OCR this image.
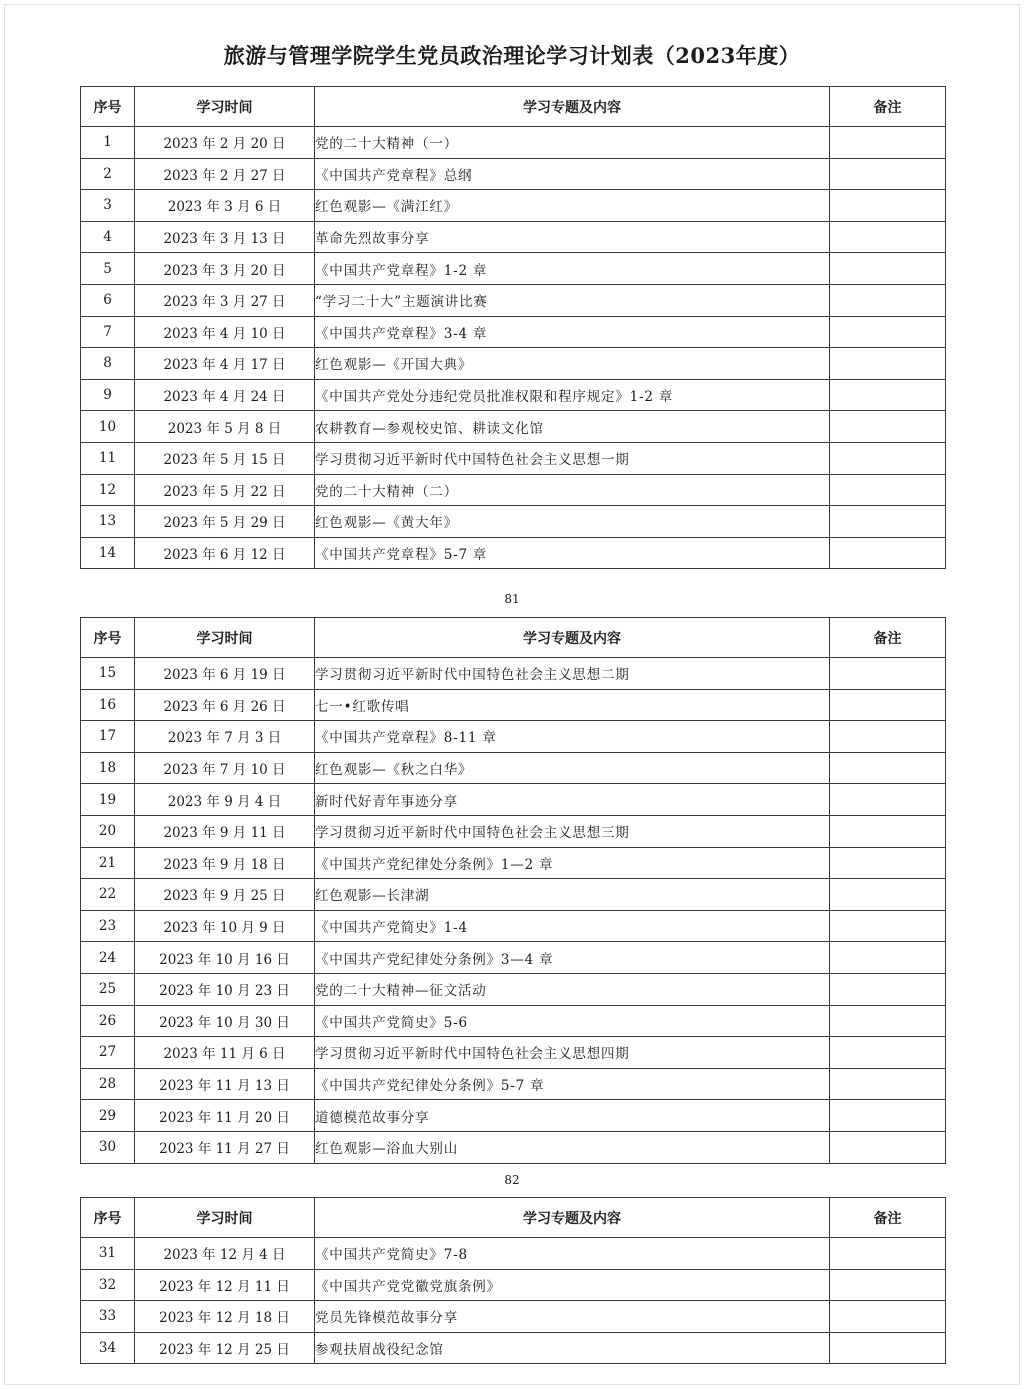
旅游与管理学院学生党员政治理论学习计划表（2023年度）
序号	学习时间	学习专题及内容	备注
1	2023 年 2 月 20 日	党的二十大精神（一）	
2	2023 年 2 月 27 日	《中国共产党章程》总纲	
3	2023 年 3 月 6 日	红色观影—《满江红》	
4	2023 年 3 月 13 日	革命先烈故事分享	
5	2023 年 3 月 20 日	《中国共产党章程》1-2 章	
6	2023 年 3 月 27 日	“学习二十大”主题演讲比赛	
7	2023 年 4 月 10 日	《中国共产党章程》3-4 章	
8	2023 年 4 月 17 日	红色观影—《开国大典》	
9	2023 年 4 月 24 日	《中国共产党处分违纪党员批准权限和程序规定》1-2 章	
10	2023 年 5 月 8 日	农耕教育—参观校史馆、耕读文化馆	
11	2023 年 5 月 15 日	学习贯彻习近平新时代中国特色社会主义思想一期	
12	2023 年 5 月 22 日	党的二十大精神（二）	
13	2023 年 5 月 29 日	红色观影—《黄大年》	
14	2023 年 6 月 12 日	《中国共产党章程》5-7 章	
81
序号	学习时间	学习专题及内容	备注
15	2023 年 6 月 19 日	学习贯彻习近平新时代中国特色社会主义思想二期	
16	2023 年 6 月 26 日	七一•红歌传唱	
17	2023 年 7 月 3 日	《中国共产党章程》8-11 章	
18	2023 年 7 月 10 日	红色观影—《秋之白华》	
19	2023 年 9 月 4 日	新时代好青年事迹分享	
20	2023 年 9 月 11 日	学习贯彻习近平新时代中国特色社会主义思想三期	
21	2023 年 9 月 18 日	《中国共产党纪律处分条例》1—2 章	
22	2023 年 9 月 25 日	红色观影—长津湖	
23	2023 年 10 月 9 日	《中国共产党简史》1-4	
24	2023 年 10 月 16 日	《中国共产党纪律处分条例》3—4 章	
25	2023 年 10 月 23 日	党的二十大精神—征文活动	
26	2023 年 10 月 30 日	《中国共产党简史》5-6	
27	2023 年 11 月 6 日	学习贯彻习近平新时代中国特色社会主义思想四期	
28	2023 年 11 月 13 日	《中国共产党纪律处分条例》5-7 章	
29	2023 年 11 月 20 日	道德模范故事分享	
30	2023 年 11 月 27 日	红色观影—浴血大别山	
82
序号	学习时间	学习专题及内容	备注
31	2023 年 12 月 4 日	《中国共产党简史》7-8	
32	2023 年 12 月 11 日	《中国共产党党徽党旗条例》	
33	2023 年 12 月 18 日	党员先锋模范故事分享	
34	2023 年 12 月 25 日	参观扶眉战役纪念馆	
